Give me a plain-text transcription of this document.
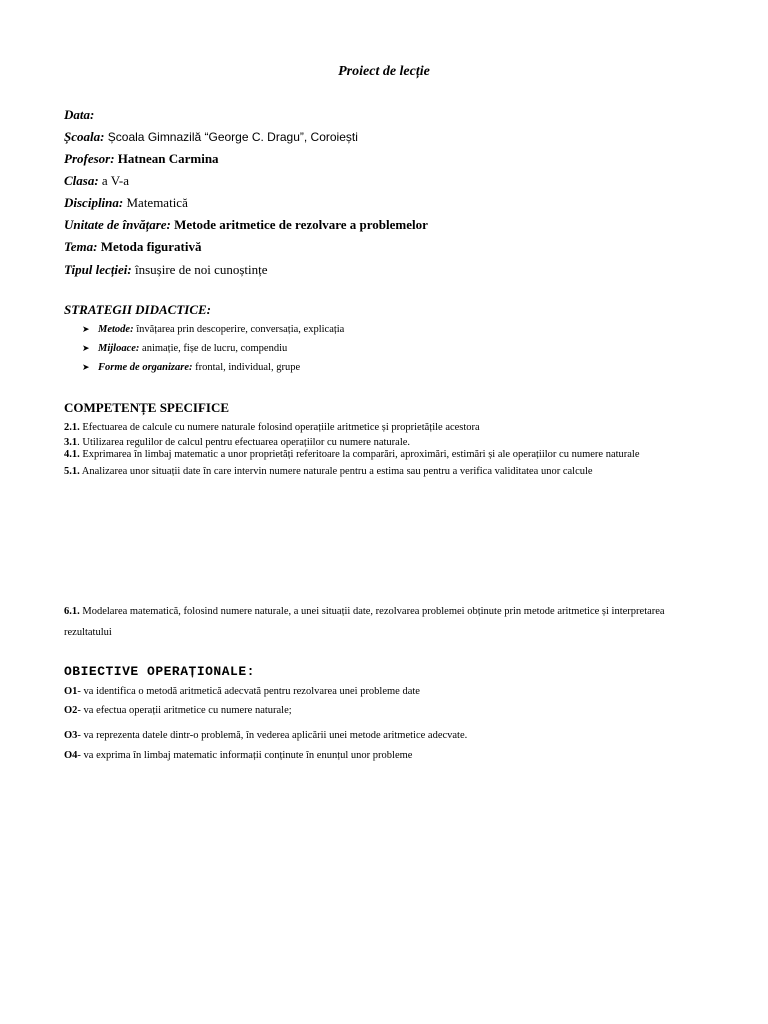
Proiect de lecție
Data:
Școala: Școala Gimnazilă “George C. Dragu”, Coroiești
Profesor: Hatnean Carmina
Clasa: a V-a
Disciplina: Matematică
Unitate de învățare: Metode aritmetice de rezolvare a problemelor
Tema: Metoda figurativă
Tipul lecției: însușire de noi cunoștințe
STRATEGII DIDACTICE:
➤ Metode: învățarea prin descoperire, conversația, explicația
➤ Mijloace: animație, fișe de lucru, compendiu
➤ Forme de organizare: frontal, individual, grupe
COMPETENȚE SPECIFICE
2.1. Efectuarea de calcule cu numere naturale folosind operațiile aritmetice și proprietățile acestora
3.1. Utilizarea regulilor de calcul pentru efectuarea operațiilor cu numere naturale.
4.1. Exprimarea în limbaj matematic a unor proprietăți referitoare la comparări, aproximări, estimări și ale operațiilor cu numere naturale
5.1. Analizarea unor situații date în care intervin numere naturale pentru a estima sau pentru a verifica validitatea unor calcule
6.1. Modelarea matematică, folosind numere naturale, a unei situații date, rezolvarea problemei obținute prin metode aritmetice și interpretarea
rezultatului
OBIECTIVE OPERAȚIONALE:
O1- va identifica o metodă aritmetică adecvată pentru rezolvarea unei probleme date
O2- va efectua operații aritmetice cu numere naturale;
O3- va reprezenta datele dintr-o problemă, în vederea aplicării unei metode aritmetice adecvate.
O4- va exprima în limbaj matematic informații conținute în enunțul unor probleme
